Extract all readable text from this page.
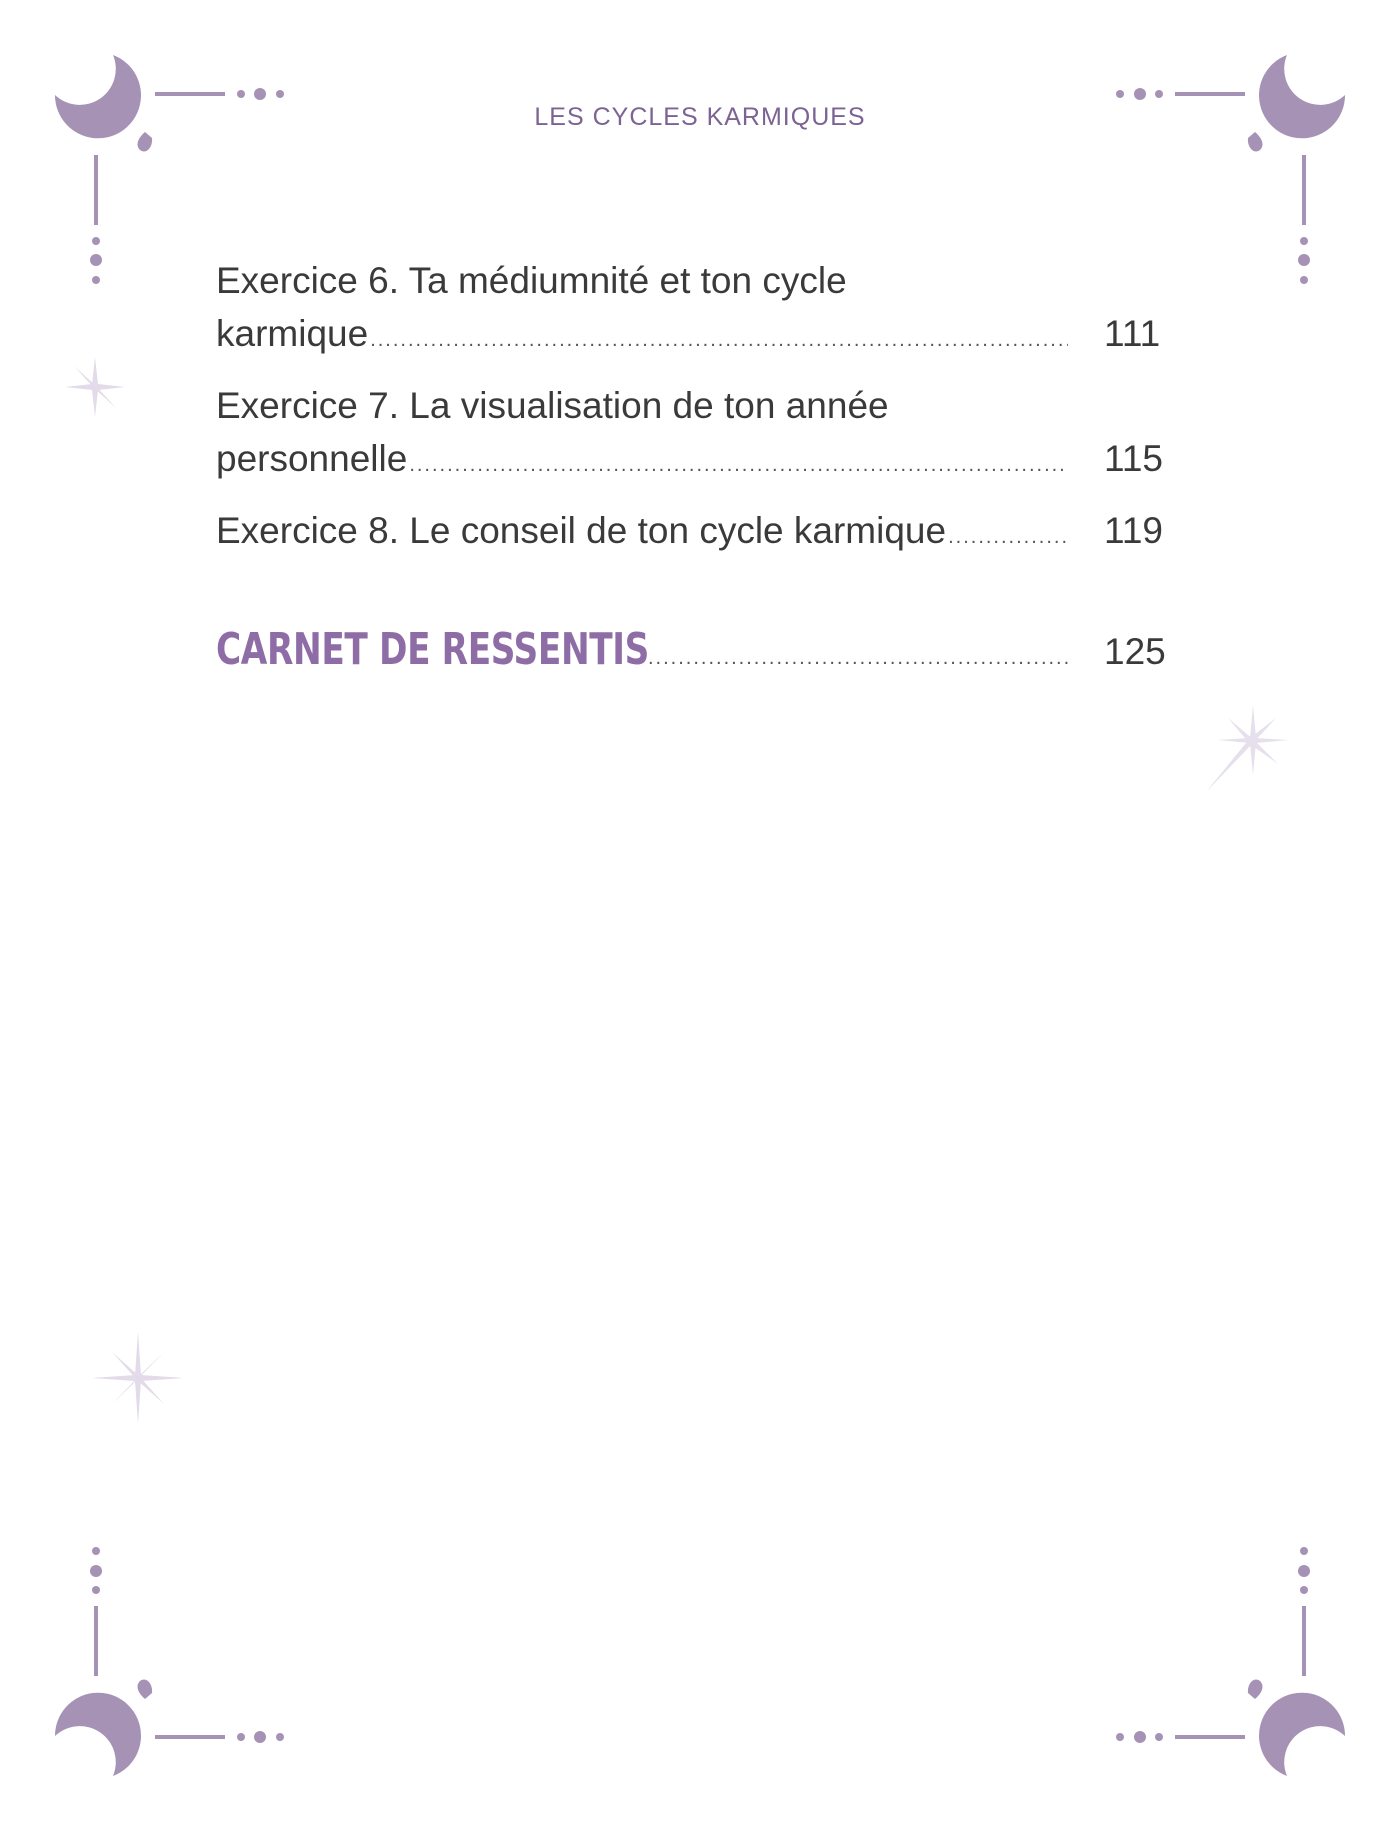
LES CYCLES KARMIQUES
Exercice 6. Ta médiumnité et ton cycle
karmique .....	111
Exercice 7. La visualisation de ton année
personnelle .....	115
Exercice 8. Le conseil de ton cycle karmique .....	119
CARNET DE RESSENTIS .....	125
